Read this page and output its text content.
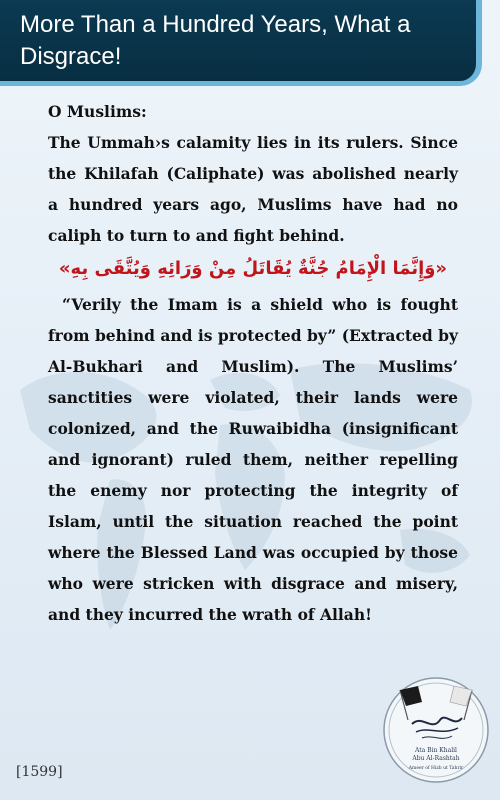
More Than a Hundred Years, What a Disgrace!

O Muslims:

The Ummah›s calamity lies in its rulers. Since the Khilafah (Caliphate) was abolished nearly a hundred years ago, Muslims have had no caliph to turn to and fight behind.

«وَإِنَّمَا الْإِمَامُ جُنَّةٌ يُقَاتَلُ مِنْ وَرَائِهِ وَيُتَّقَى بِهِ»

“Verily the Imam is a shield who is fought from behind and is protected by” (Extracted by Al-Bukhari and Muslim). The Muslims’ sanctities were violated, their lands were colonized, and the Ruwaibidha (insignificant and ignorant) ruled them, neither repelling the enemy nor protecting the integrity of Islam, until the situation reached the point where the Blessed Land was occupied by those who were stricken with disgrace and misery, and they incurred the wrath of Allah!

[1599]
Ata Bin Khalil
Abu Al-Rashtah
Ameer of Hizb ut Tahrir
